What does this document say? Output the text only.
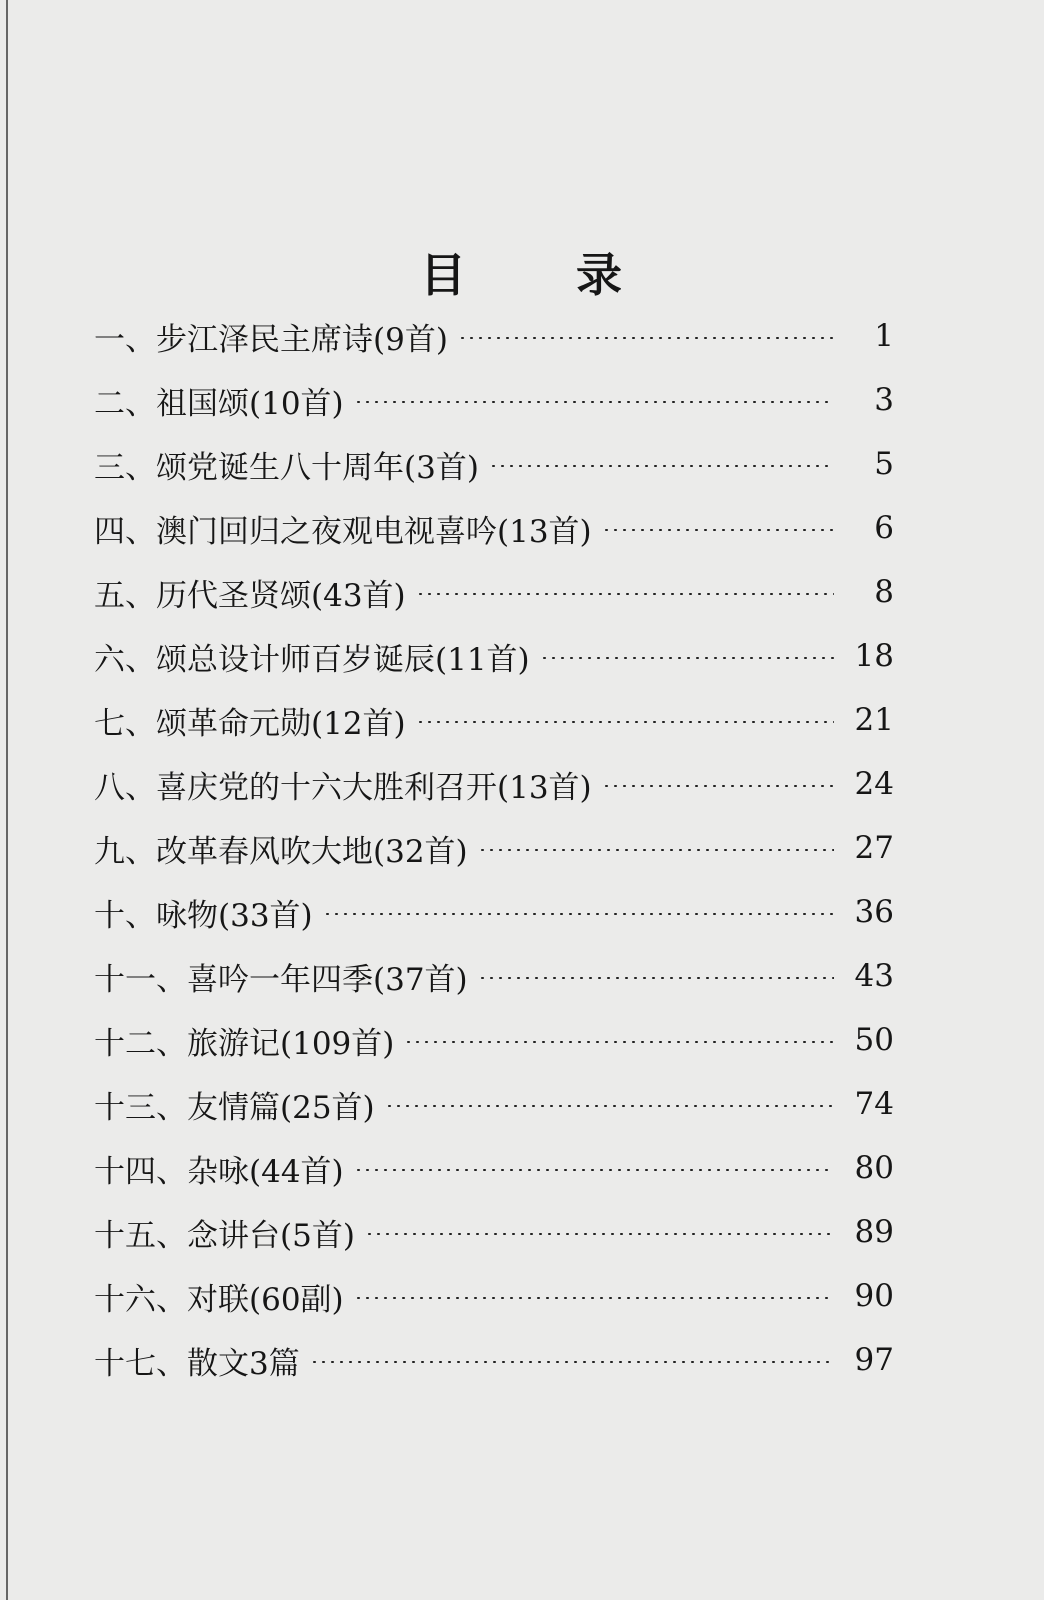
目 录
一、步江泽民主席诗(9首)	1
二、祖国颂(10首)	3
三、颂党诞生八十周年(3首)	5
四、澳门回归之夜观电视喜吟(13首)	6
五、历代圣贤颂(43首)	8
六、颂总设计师百岁诞辰(11首)	18
七、颂革命元勋(12首)	21
八、喜庆党的十六大胜利召开(13首)	24
九、改革春风吹大地(32首)	27
十、咏物(33首)	36
十一、喜吟一年四季(37首)	43
十二、旅游记(109首)	50
十三、友情篇(25首)	74
十四、杂咏(44首)	80
十五、念讲台(5首)	89
十六、对联(60副)	90
十七、散文3篇	97
